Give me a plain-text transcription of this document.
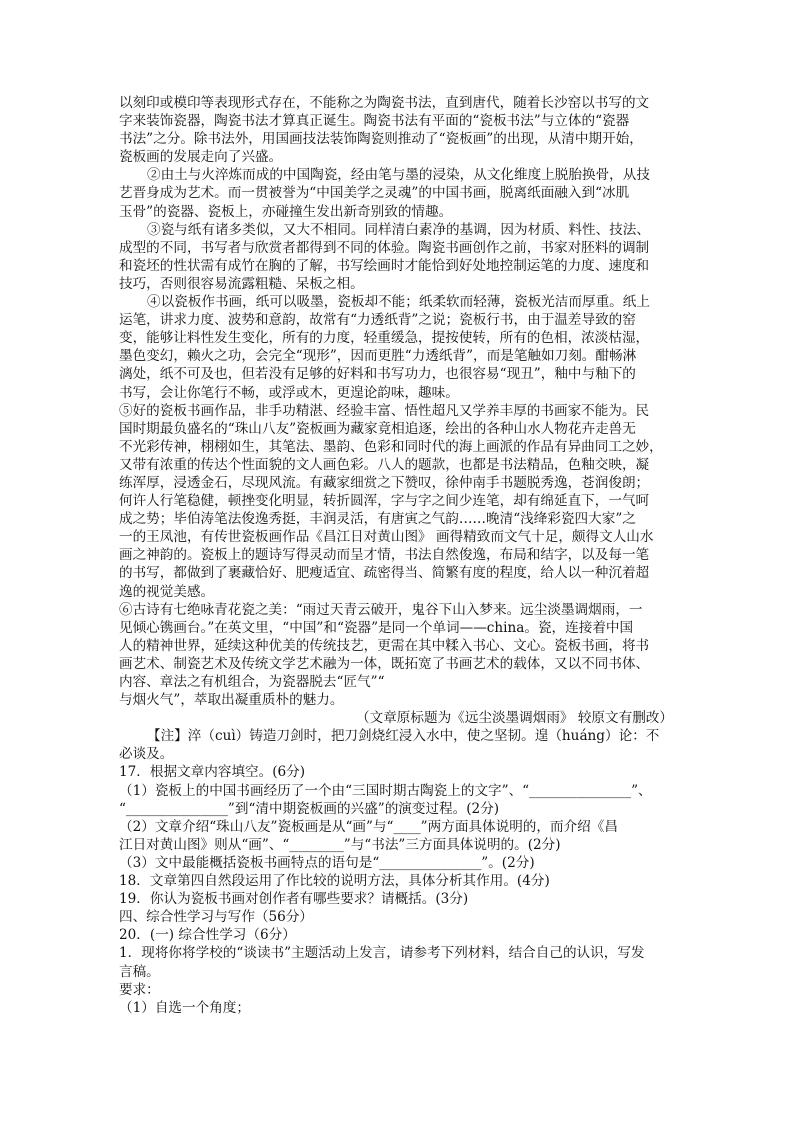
以刻印或模印等表现形式存在，不能称之为陶瓷书法，直到唐代，随着长沙窑以书写的文
字来装饰瓷器，陶瓷书法才算真正诞生。陶瓷书法有平面的“瓷板书法”与立体的“瓷器
书法”之分。除书法外，用国画技法装饰陶瓷则推动了“瓷板画”的出现，从清中期开始，
瓷板画的发展走向了兴盛。
②由土与火淬炼而成的中国陶瓷，经由笔与墨的浸染，从文化维度上脱胎换骨，从技
艺晋身成为艺术。而一贯被誉为“中国美学之灵魂”的中国书画，脱离纸面融入到“冰肌
玉骨”的瓷器、瓷板上，亦碰撞生发出新奇别致的情趣。
③瓷与纸有诸多类似，又大不相同。同样清白素净的基调，因为材质、料性、技法、
成型的不同，书写者与欣赏者都得到不同的体验。陶瓷书画创作之前，书家对胚料的调制
和瓷坯的性状需有成竹在胸的了解，书写绘画时才能恰到好处地控制运笔的力度、速度和
技巧，否则很容易流露粗糙、呆板之相。
④以瓷板作书画，纸可以吸墨，瓷板却不能；纸柔软而轻薄，瓷板光洁而厚重。纸上
运笔，讲求力度、波势和意韵，故常有“力透纸背”之说；瓷板行书，由于温差导致的窑
变，能够让料性发生变化，所有的力度，轻重缓急，提按使转，所有的色相，浓淡枯湿，
墨色变幻，赖火之功，会完全“现形”，因而更胜“力透纸背”，而是笔触如刀刻。酣畅淋
漓处，纸不可及也，但若没有足够的好料和书写功力，也很容易“现丑”，釉中与釉下的
书写，会让你笔行不畅，或浮或木，更遑论韵味，趣味。
⑤好的瓷板书画作品，非手功精湛、经验丰富、悟性超凡又学养丰厚的书画家不能为。民
国时期最负盛名的“珠山八友”瓷板画为藏家竟相追逐，绘出的各种山水人物花卉走兽无
不光彩传神，栩栩如生，其笔法、墨韵、色彩和同时代的海上画派的作品有异曲同工之妙，
又带有浓重的传达个性面貌的文人画色彩。八人的题款，也都是书法精品，色釉交映，凝
练浑厚，浸透金石，尽现风流。有藏家细赏之下赞叹，徐仲南手书题脱秀逸，苍润俊朗；
何许人行笔稳健，顿挫变化明显，转折圆浑，字与字之间少连笔，却有绵延直下，一气呵
成之势；毕伯涛笔法俊逸秀挺，丰润灵活，有唐寅之气韵……晚清“浅绛彩瓷四大家”之
一的王凤池，有传世瓷板画作品《昌江日对黄山图》 画得精致而文气十足，颇得文人山水
画之神韵的。瓷板上的题诗写得灵动而呈才情，书法自然俊逸，布局和结字，以及每一笔
的书写，都做到了裹藏恰好、肥瘦适宜、疏密得当、简繁有度的程度，给人以一种沉着超
逸的视觉美感。
⑥古诗有七绝咏青花瓷之美：“雨过天青云破开，鬼谷下山入梦来。远尘淡墨调烟雨，一
见倾心镌画台。”在英文里，“中国”和“瓷器”是同一个单词——china。瓷，连接着中国
人的精神世界，延续这种优美的传统技艺，更需在其中糅入书心、文心。瓷板书画，将书
画艺术、制瓷艺术及传统文学艺术融为一体，既拓宽了书画艺术的载体，又以不同书体、
内容、章法之有机组合，为瓷器脱去“匠气”“
与烟火气”，萃取出凝重质朴的魅力。
（文章原标题为《远尘淡墨调烟雨》 较原文有删改）
【注】淬（cuì）铸造刀剑时，把刀剑烧红浸入水中，使之坚韧。遑（huáng）论：不
必谈及。
17．根据文章内容填空。(6分)
（1）瓷板上的中国书画经历了一个由“三国时期古陶瓷上的文字”、“_______________”、
“_______________”到“清中期瓷板画的兴盛”的演变过程。(2分)
（2）文章介绍“珠山八友”瓷板画是从“画”与“____”两方面具体说明的，而介绍《昌
江日对黄山图》则从“画”、“________”与“书法”三方面具体说明的。(2分)
（3）文中最能概括瓷板书画特点的语句是“_______________”。(2分)
18．文章第四自然段运用了作比较的说明方法，具体分析其作用。(4分)
19．你认为瓷板书画对创作者有哪些要求？请概括。(3分)
四、综合性学习与写作（56分）
20．(一) 综合性学习（6分）
1．现将你将学校的“谈读书”主题活动上发言，请参考下列材料，结合自己的认识，写发
言稿。
要求：
（1）自选一个角度；
